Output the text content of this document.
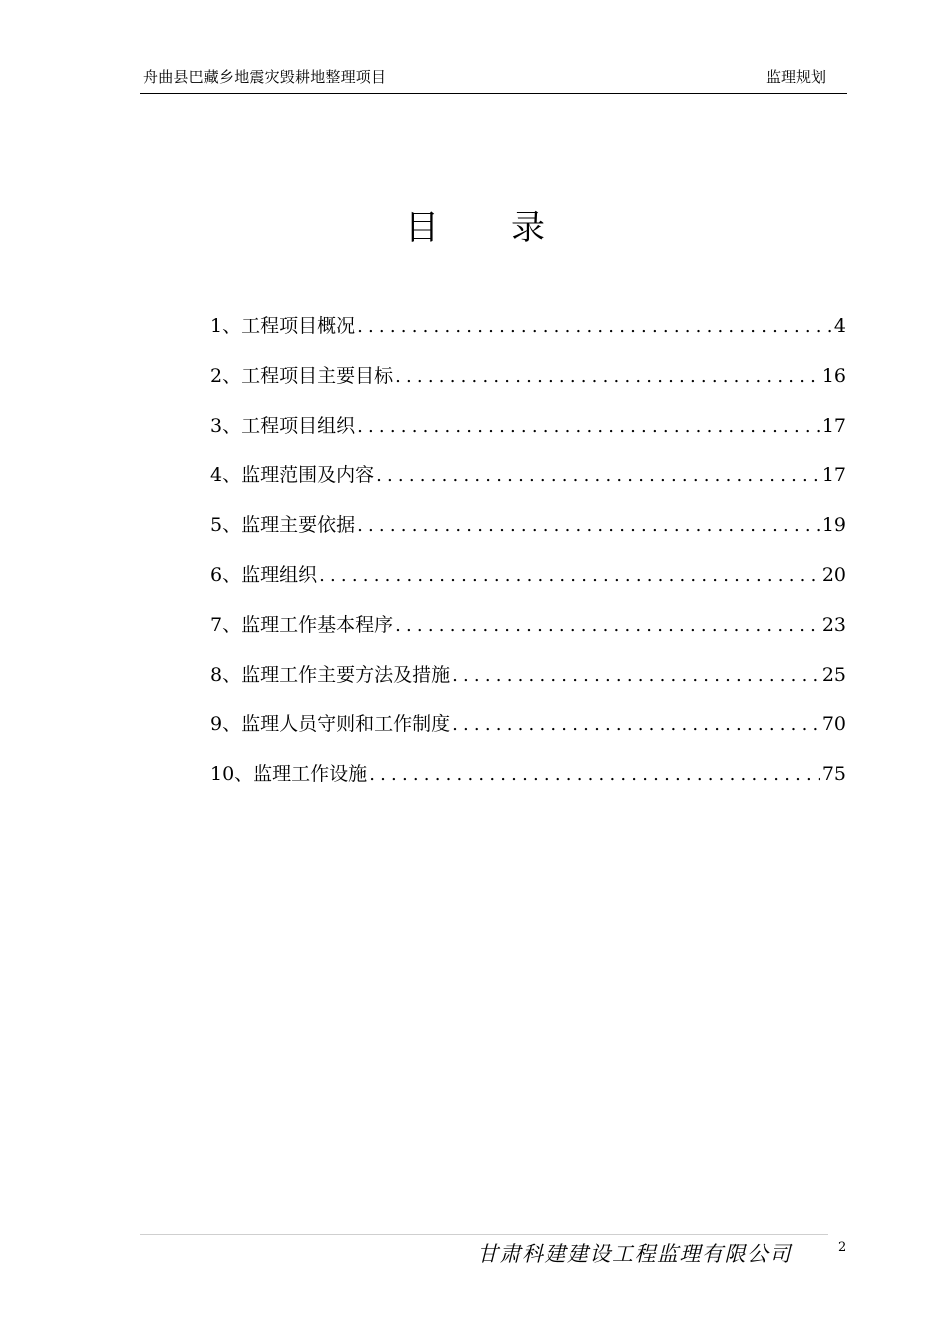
舟曲县巴藏乡地震灾毁耕地整理项目	监理规划
目 录
1、工程项目概况 .....	4
2、工程项目主要目标 .....	16
3、工程项目组织 .....	17
4、监理范围及内容 .....	17
5、监理主要依据 .....	19
6、监理组织 .....	20
7、监理工作基本程序 .....	23
8、监理工作主要方法及措施 .....	25
9、监理人员守则和工作制度 .....	70
10、监理工作设施 .....	75
甘肃科建建设工程监理有限公司	2
